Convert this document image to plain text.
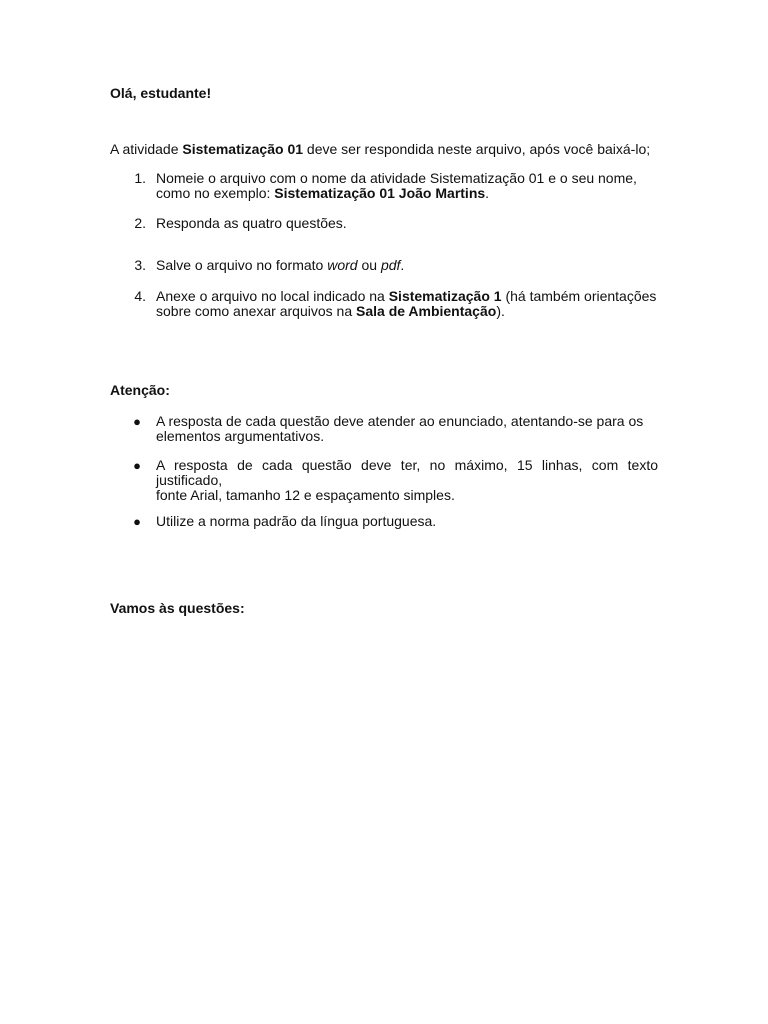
Olá, estudante!
A atividade Sistematização 01 deve ser respondida neste arquivo, após você baixá-lo;
1. Nomeie o arquivo com o nome da atividade Sistematização 01 e o seu nome,
como no exemplo: Sistematização 01 João Martins.
2. Responda as quatro questões.
3. Salve o arquivo no formato word ou pdf.
4. Anexe o arquivo no local indicado na Sistematização 1 (há também orientações
sobre como anexar arquivos na Sala de Ambientação).
Atenção:
● A resposta de cada questão deve atender ao enunciado, atentando-se para os
elementos argumentativos.
● A resposta de cada questão deve ter, no máximo, 15 linhas, com texto justificado,
fonte Arial, tamanho 12 e espaçamento simples.
● Utilize a norma padrão da língua portuguesa.
Vamos às questões:
